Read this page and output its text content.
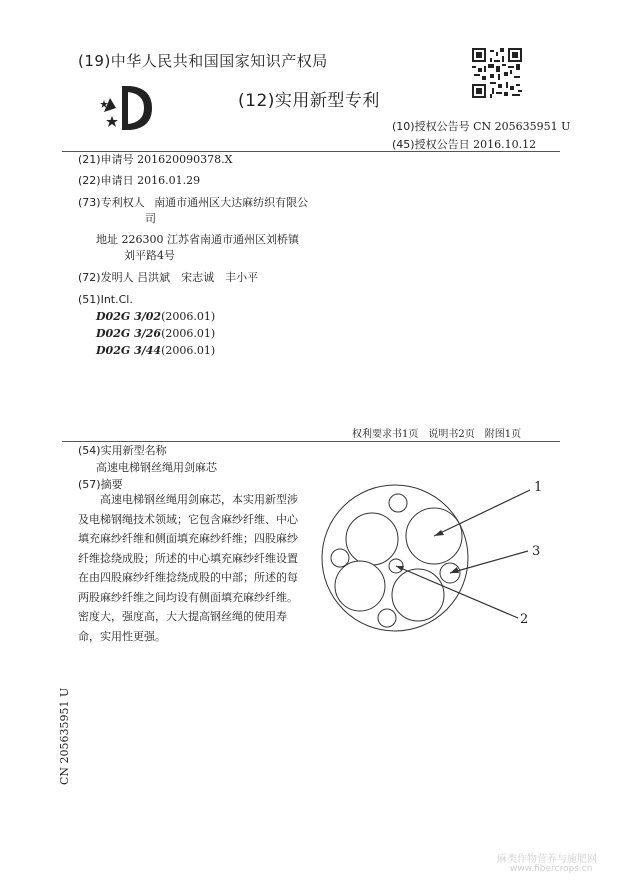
(19)中华人民共和国国家知识产权局
(12)实用新型专利
(10)授权公告号 CN 205635951 U
(45)授权公告日 2016.10.12
(21)申请号 201620090378.X
(22)申请日 2016.01.29
(73)专利权人 南通市通州区大达麻纺织有限公
司
地址 226300 江苏省南通市通州区刘桥镇
刘平路4号
(72)发明人 吕洪斌　宋志诚　丰小平
(51)Int.Cl.
D02G 3/02(2006.01)
D02G 3/26(2006.01)
D02G 3/44(2006.01)
权利要求书1页　说明书2页　附图1页
(54)实用新型名称
高速电梯钢丝绳用剑麻芯
(57)摘要
高速电梯钢丝绳用剑麻芯，本实用新型涉及电梯钢绳技术领域；它包含麻纱纤维、中心填充麻纱纤维和侧面填充麻纱纤维；四股麻纱纤维捻绕成股；所述的中心填充麻纱纤维设置在由四股麻纱纤维捻绕成股的中部；所述的每两股麻纱纤维之间均设有侧面填充麻纱纤维。密度大，强度高，大大提高钢丝绳的使用寿命，实用性更强。
1
3
2
CN 205635951 U
麻类作物营养与施肥网
www.fibercrops.cn
